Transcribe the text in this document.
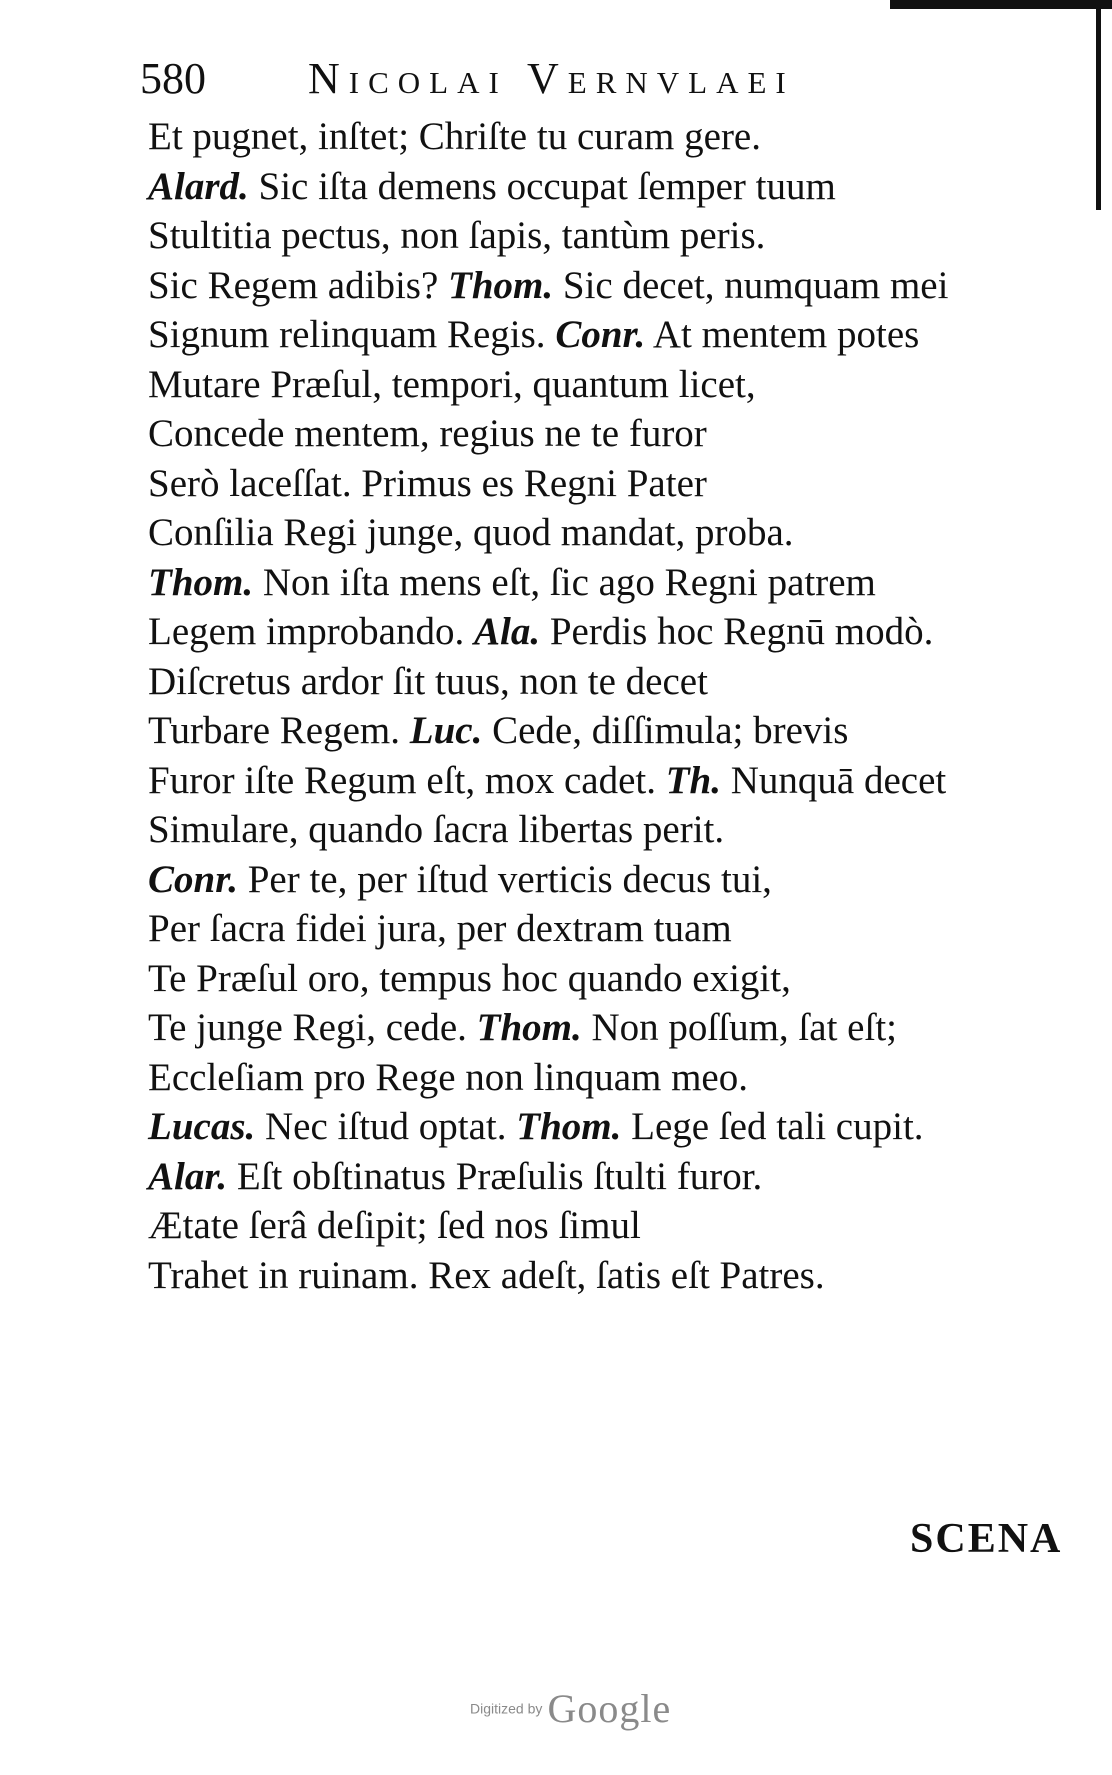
580 Nicolai Vernvlaei
Et pugnet, inſtet; Chriſte tu curam gere.
Alard. Sic iſta demens occupat ſemper tuum
Stultitia pectus, non ſapis, tantùm peris.
Sic Regem adibis? Thom. Sic decet, numquam mei
Signum relinquam Regis. Conr. At mentem potes
Mutare Præſul, tempori, quantum licet,
Concede mentem, regius ne te furor
Serò laceſſat. Primus es Regni Pater
Conſilia Regi junge, quod mandat, proba.
Thom. Non iſta mens eſt, ſic ago Regni patrem
Legem improbando. Ala. Perdis hoc Regnū modò.
Diſcretus ardor ſit tuus, non te decet
Turbare Regem. Luc. Cede, diſſimula; brevis
Furor iſte Regum eſt, mox cadet. Th. Nunquā decet
Simulare, quando ſacra libertas perit.
Conr. Per te, per iſtud verticis decus tui,
Per ſacra fidei jura, per dextram tuam
Te Præſul oro, tempus hoc quando exigit,
Te junge Regi, cede. Thom. Non poſſum, ſat eſt;
Eccleſiam pro Rege non linquam meo.
Lucas. Nec iſtud optat. Thom. Lege ſed tali cupit.
Alar. Eſt obſtinatus Præſulis ſtulti furor.
Ætate ſerâ deſipit; ſed nos ſimul
Trahet in ruinam. Rex adeſt, ſatis eſt Patres.
SCENA
Digitized by Google
